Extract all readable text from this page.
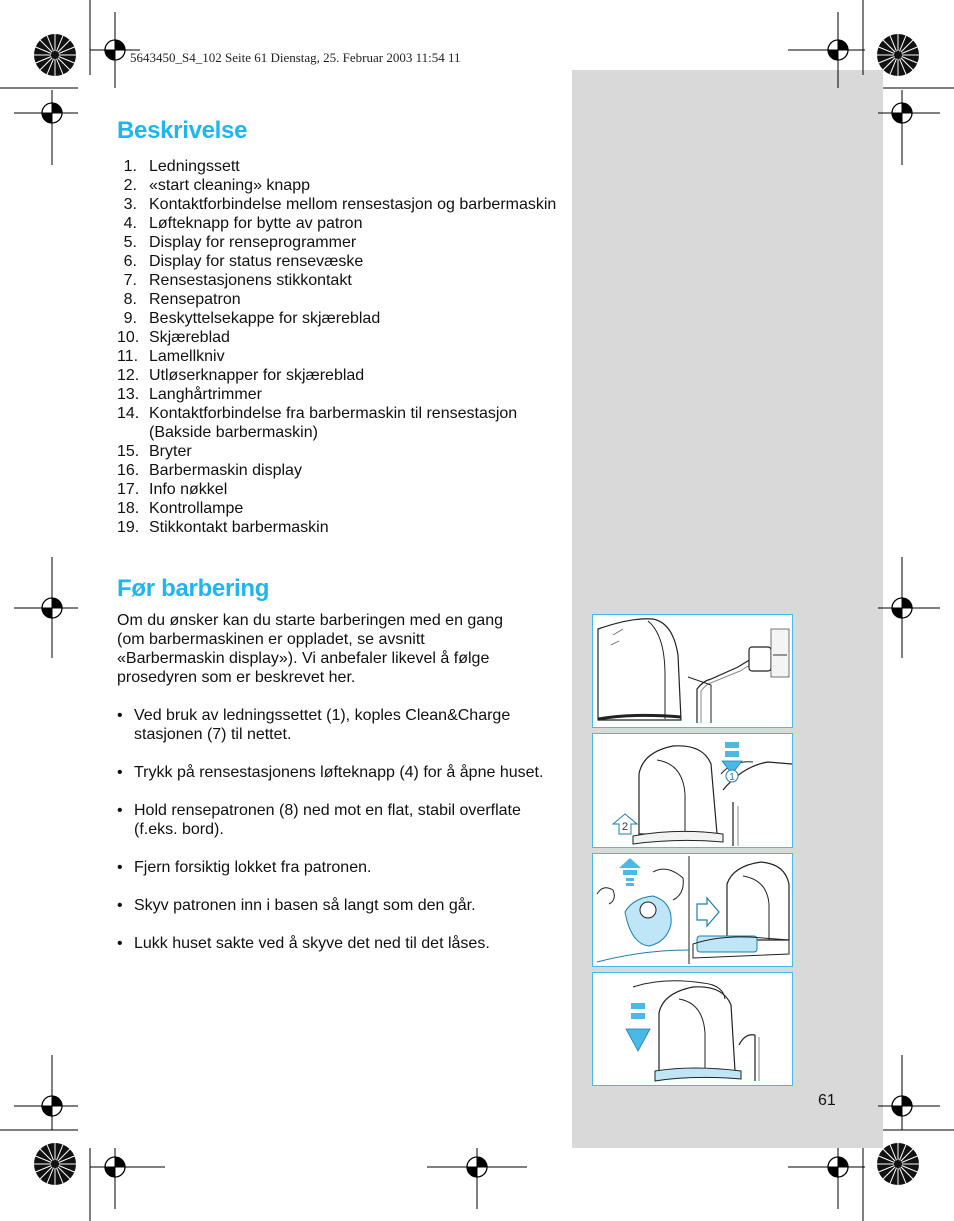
5643450_S4_102 Seite 61 Dienstag, 25. Februar 2003 11:54 11
Beskrivelse
1. Ledningssett
2. «start cleaning» knapp
3. Kontaktforbindelse mellom rensestasjon og barbermaskin
4. Løfteknapp for bytte av patron
5. Display for renseprogrammer
6. Display for status rensevæske
7. Rensestasjonens stikkontakt
8. Rensepatron
9. Beskyttelsekappe for skjæreblad
10. Skjæreblad
11. Lamellkniv
12. Utløserknapper for skjæreblad
13. Langhårtrimmer
14. Kontaktforbindelse fra barbermaskin til rensestasjon (Bakside barbermaskin)
15. Bryter
16. Barbermaskin display
17. Info nøkkel
18. Kontrollampe
19. Stikkontakt barbermaskin
Før barbering
Om du ønsker kan du starte barberingen med en gang (om barbermaskinen er oppladet, se avsnitt «Barbermaskin display»). Vi anbefaler likevel å følge prosedyren som er beskrevet her.
• Ved bruk av ledningssettet (1), koples Clean&Charge stasjonen (7) til nettet.
• Trykk på rensestasjonens løfteknapp (4) for å åpne huset.
• Hold rensepatronen (8) ned mot en flat, stabil overflate (f.eks. bord).
• Fjern forsiktig lokket fra patronen.
• Skyv patronen inn i basen så langt som den går.
• Lukk huset sakte ved å skyve det ned til det låses.
1
2
61
